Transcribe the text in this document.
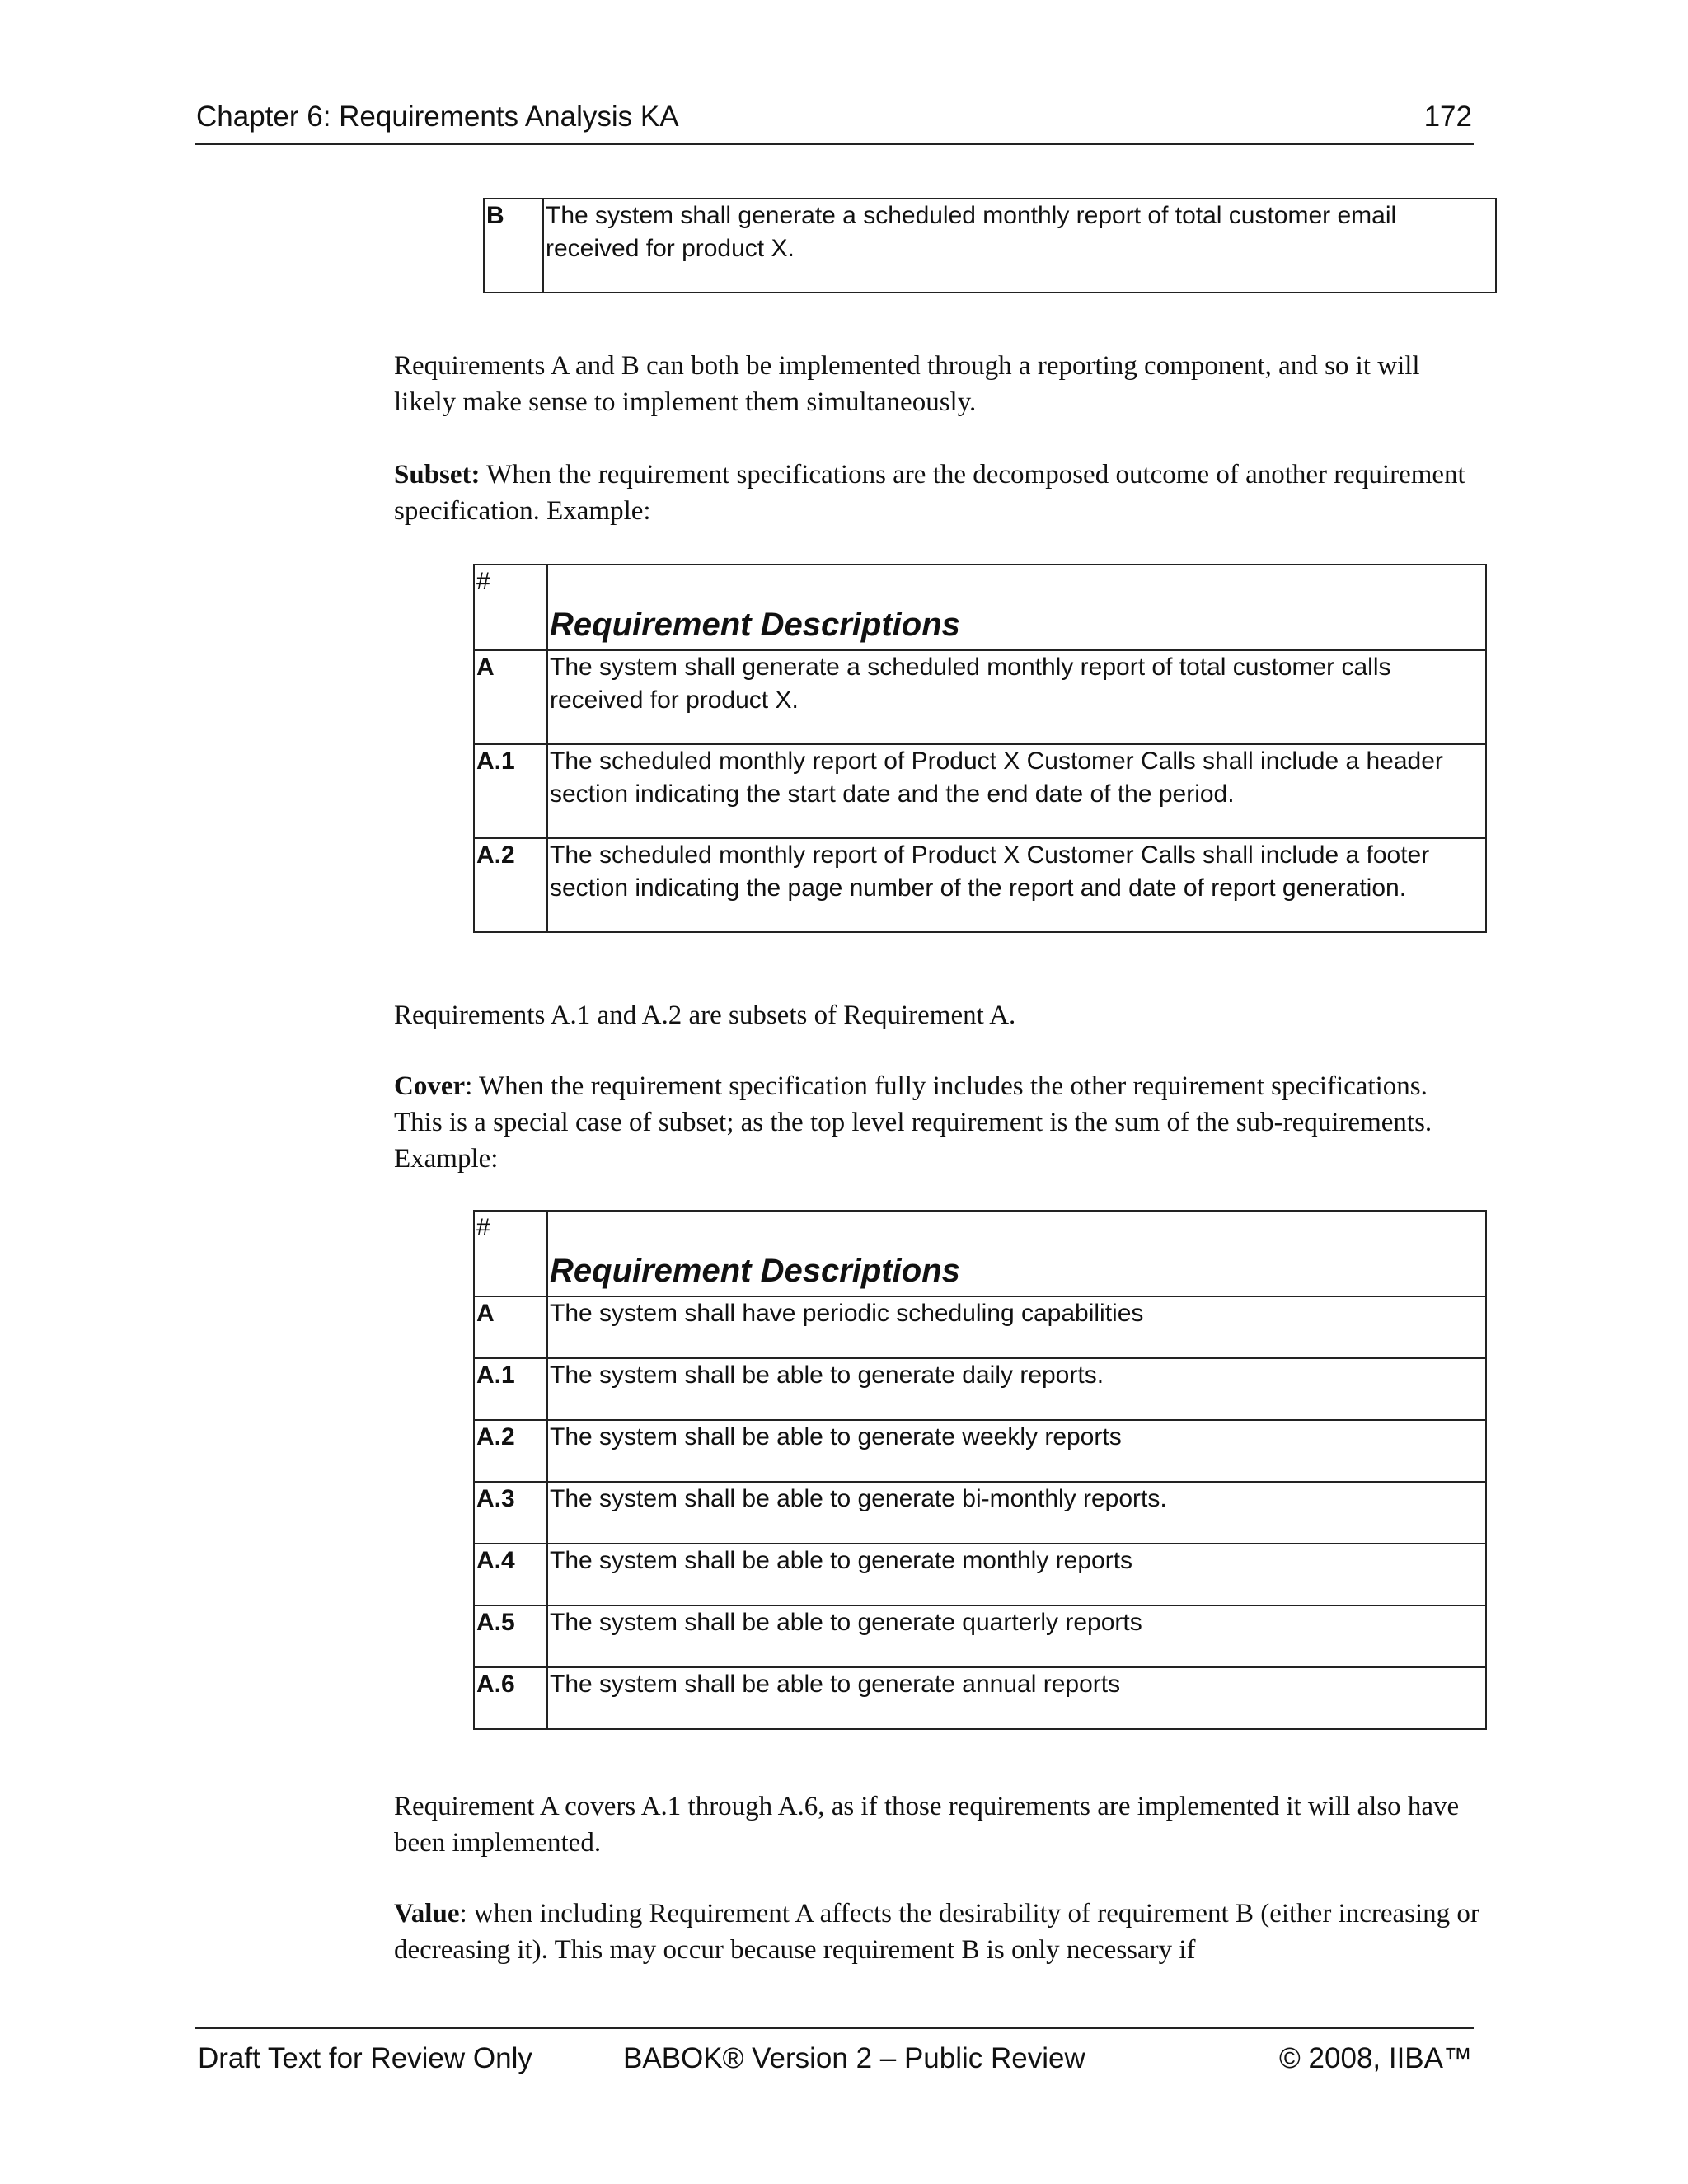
Chapter 6: Requirements Analysis KA	172
B	The system shall generate a scheduled monthly report of total customer email received for product X.

Requirements A and B can both be implemented through a reporting component, and so it will likely make sense to implement them simultaneously.

Subset: When the requirement specifications are the decomposed outcome of another requirement specification. Example:

#	Requirement Descriptions
A	The system shall generate a scheduled monthly report of total customer calls received for product X.
A.1	The scheduled monthly report of Product X Customer Calls shall include a header section indicating the start date and the end date of the period.
A.2	The scheduled monthly report of Product X Customer Calls shall include a footer section indicating the page number of the report and date of report generation.

Requirements A.1 and A.2 are subsets of Requirement A.

Cover: When the requirement specification fully includes the other requirement specifications. This is a special case of subset; as the top level requirement is the sum of the sub-requirements. Example:

#	Requirement Descriptions
A	The system shall have periodic scheduling capabilities
A.1	The system shall be able to generate daily reports.
A.2	The system shall be able to generate weekly reports
A.3	The system shall be able to generate bi-monthly reports.
A.4	The system shall be able to generate monthly reports
A.5	The system shall be able to generate quarterly reports
A.6	The system shall be able to generate annual reports

Requirement A covers A.1 through A.6, as if those requirements are implemented it will also have been implemented.

Value: when including Requirement A affects the desirability of requirement B (either increasing or decreasing it). This may occur because requirement B is only necessary if

Draft Text for Review Only	BABOK® Version 2 – Public Review	© 2008, IIBA™
